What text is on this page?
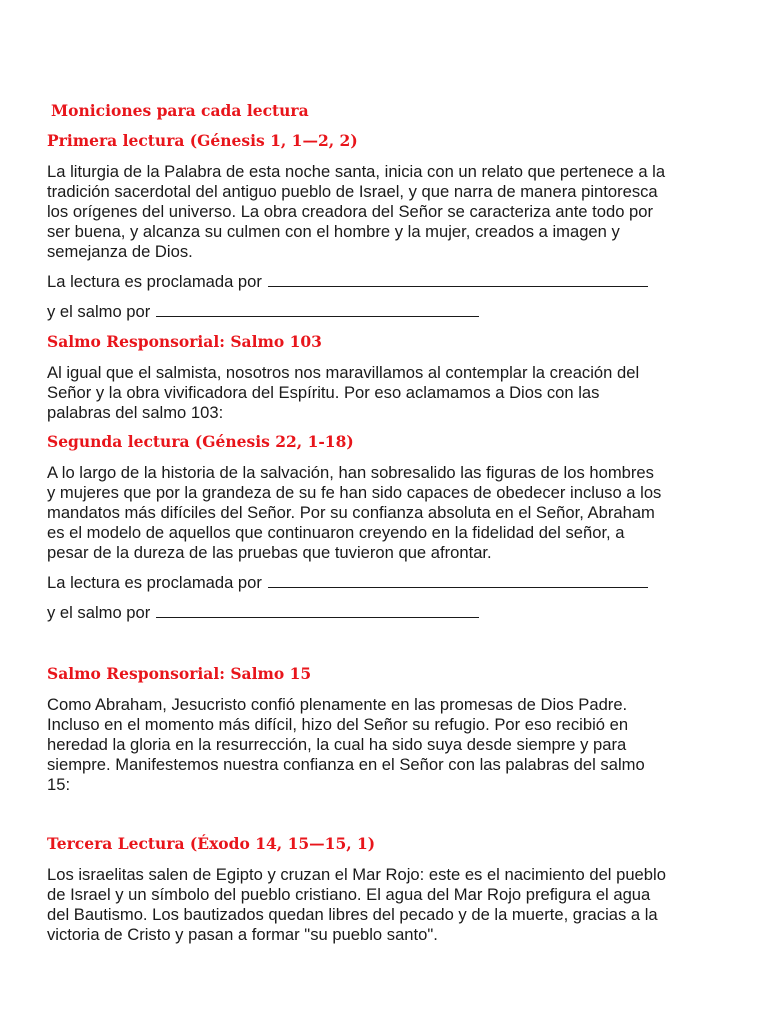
Moniciones para cada lectura
Primera lectura (Génesis 1, 1—2, 2)

La liturgia de la Palabra de esta noche santa, inicia con un relato que pertenece a la
tradición sacerdotal del antiguo pueblo de Israel, y que narra de manera pintoresca
los orígenes del universo. La obra creadora del Señor se caracteriza ante todo por
ser buena, y alcanza su culmen con el hombre y la mujer, creados a imagen y
semejanza de Dios.

La lectura es proclamada por

y el salmo por

Salmo Responsorial: Salmo 103

Al igual que el salmista, nosotros nos maravillamos al contemplar la creación del
Señor y la obra vivificadora del Espíritu. Por eso aclamamos a Dios con las
palabras del salmo 103:

Segunda lectura (Génesis 22, 1-18)

A lo largo de la historia de la salvación, han sobresalido las figuras de los hombres
y mujeres que por la grandeza de su fe han sido capaces de obedecer incluso a los
mandatos más difíciles del Señor. Por su confianza absoluta en el Señor, Abraham
es el modelo de aquellos que continuaron creyendo en la fidelidad del señor, a
pesar de la dureza de las pruebas que tuvieron que afrontar.

La lectura es proclamada por

y el salmo por

Salmo Responsorial: Salmo 15

Como Abraham, Jesucristo confió plenamente en las promesas de Dios Padre.
Incluso en el momento más difícil, hizo del Señor su refugio. Por eso recibió en
heredad la gloria en la resurrección, la cual ha sido suya desde siempre y para
siempre. Manifestemos nuestra confianza en el Señor con las palabras del salmo
15:

Tercera Lectura (Éxodo 14, 15—15, 1)

Los israelitas salen de Egipto y cruzan el Mar Rojo: este es el nacimiento del pueblo
de Israel y un símbolo del pueblo cristiano. El agua del Mar Rojo prefigura el agua
del Bautismo. Los bautizados quedan libres del pecado y de la muerte, gracias a la
victoria de Cristo y pasan a formar "su pueblo santo".
